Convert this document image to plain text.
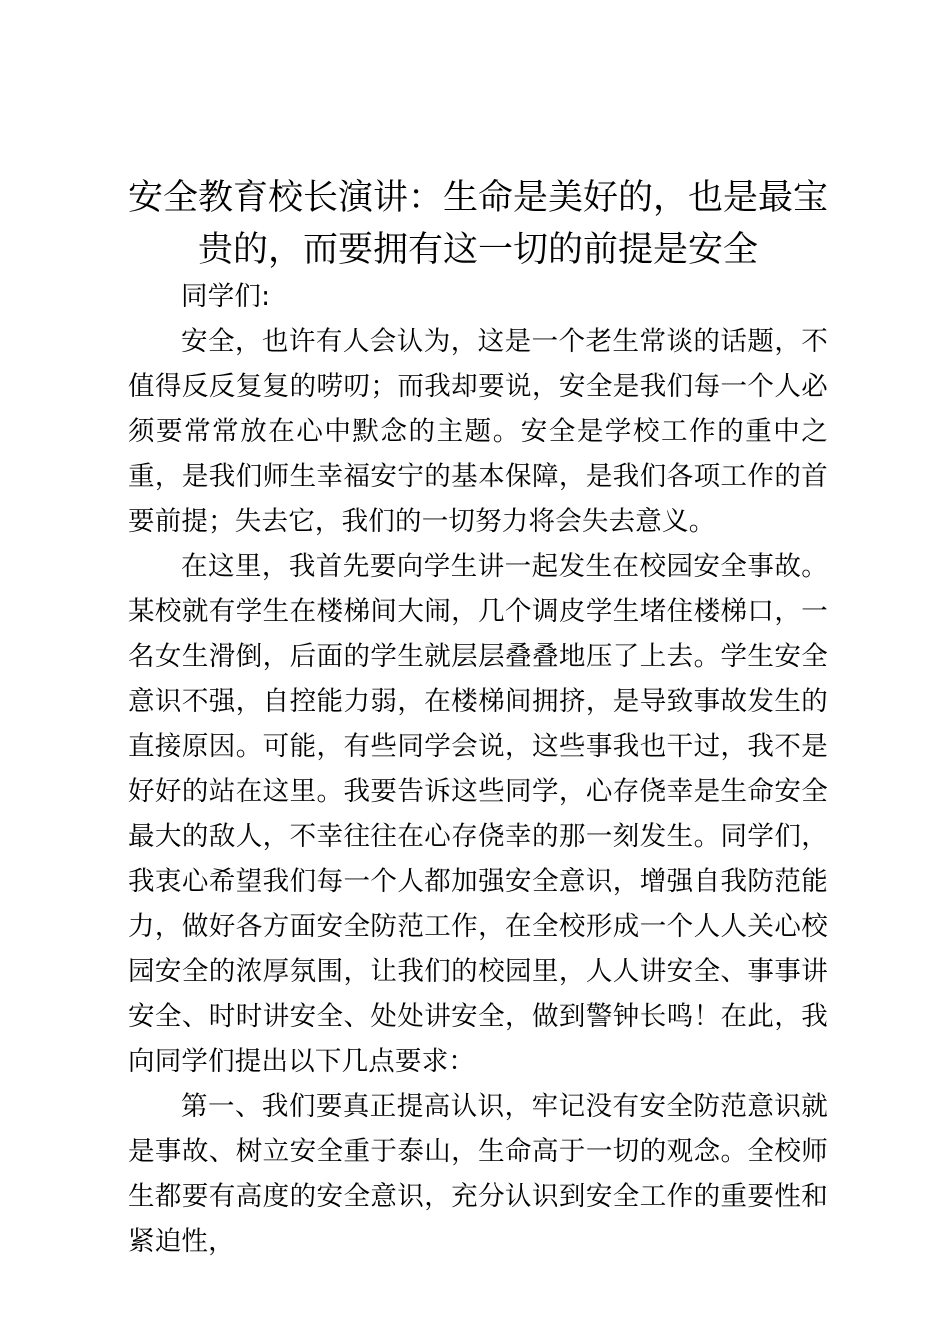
安全教育校长演讲：生命是美好的，也是最宝贵的，而要拥有这一切的前提是安全

同学们:

安全，也许有人会认为，这是一个老生常谈的话题，不值得反反复复的唠叨；而我却要说，安全是我们每一个人必须要常常放在心中默念的主题。安全是学校工作的重中之重，是我们师生幸福安宁的基本保障，是我们各项工作的首要前提；失去它，我们的一切努力将会失去意义。

在这里，我首先要向学生讲一起发生在校园安全事故。某校就有学生在楼梯间大闹，几个调皮学生堵住楼梯口，一名女生滑倒，后面的学生就层层叠叠地压了上去。学生安全意识不强，自控能力弱，在楼梯间拥挤，是导致事故发生的直接原因。可能，有些同学会说，这些事我也干过，我不是好好的站在这里。我要告诉这些同学，心存侥幸是生命安全最大的敌人，不幸往往在心存侥幸的那一刻发生。同学们，我衷心希望我们每一个人都加强安全意识，增强自我防范能力，做好各方面安全防范工作，在全校形成一个人人关心校园安全的浓厚氛围，让我们的校园里，人人讲安全、事事讲安全、时时讲安全、处处讲安全，做到警钟长鸣！在此，我向同学们提出以下几点要求：

第一、我们要真正提高认识，牢记没有安全防范意识就是事故、树立安全重于泰山，生命高于一切的观念。全校师生都要有高度的安全意识，充分认识到安全工作的重要性和紧迫性，
